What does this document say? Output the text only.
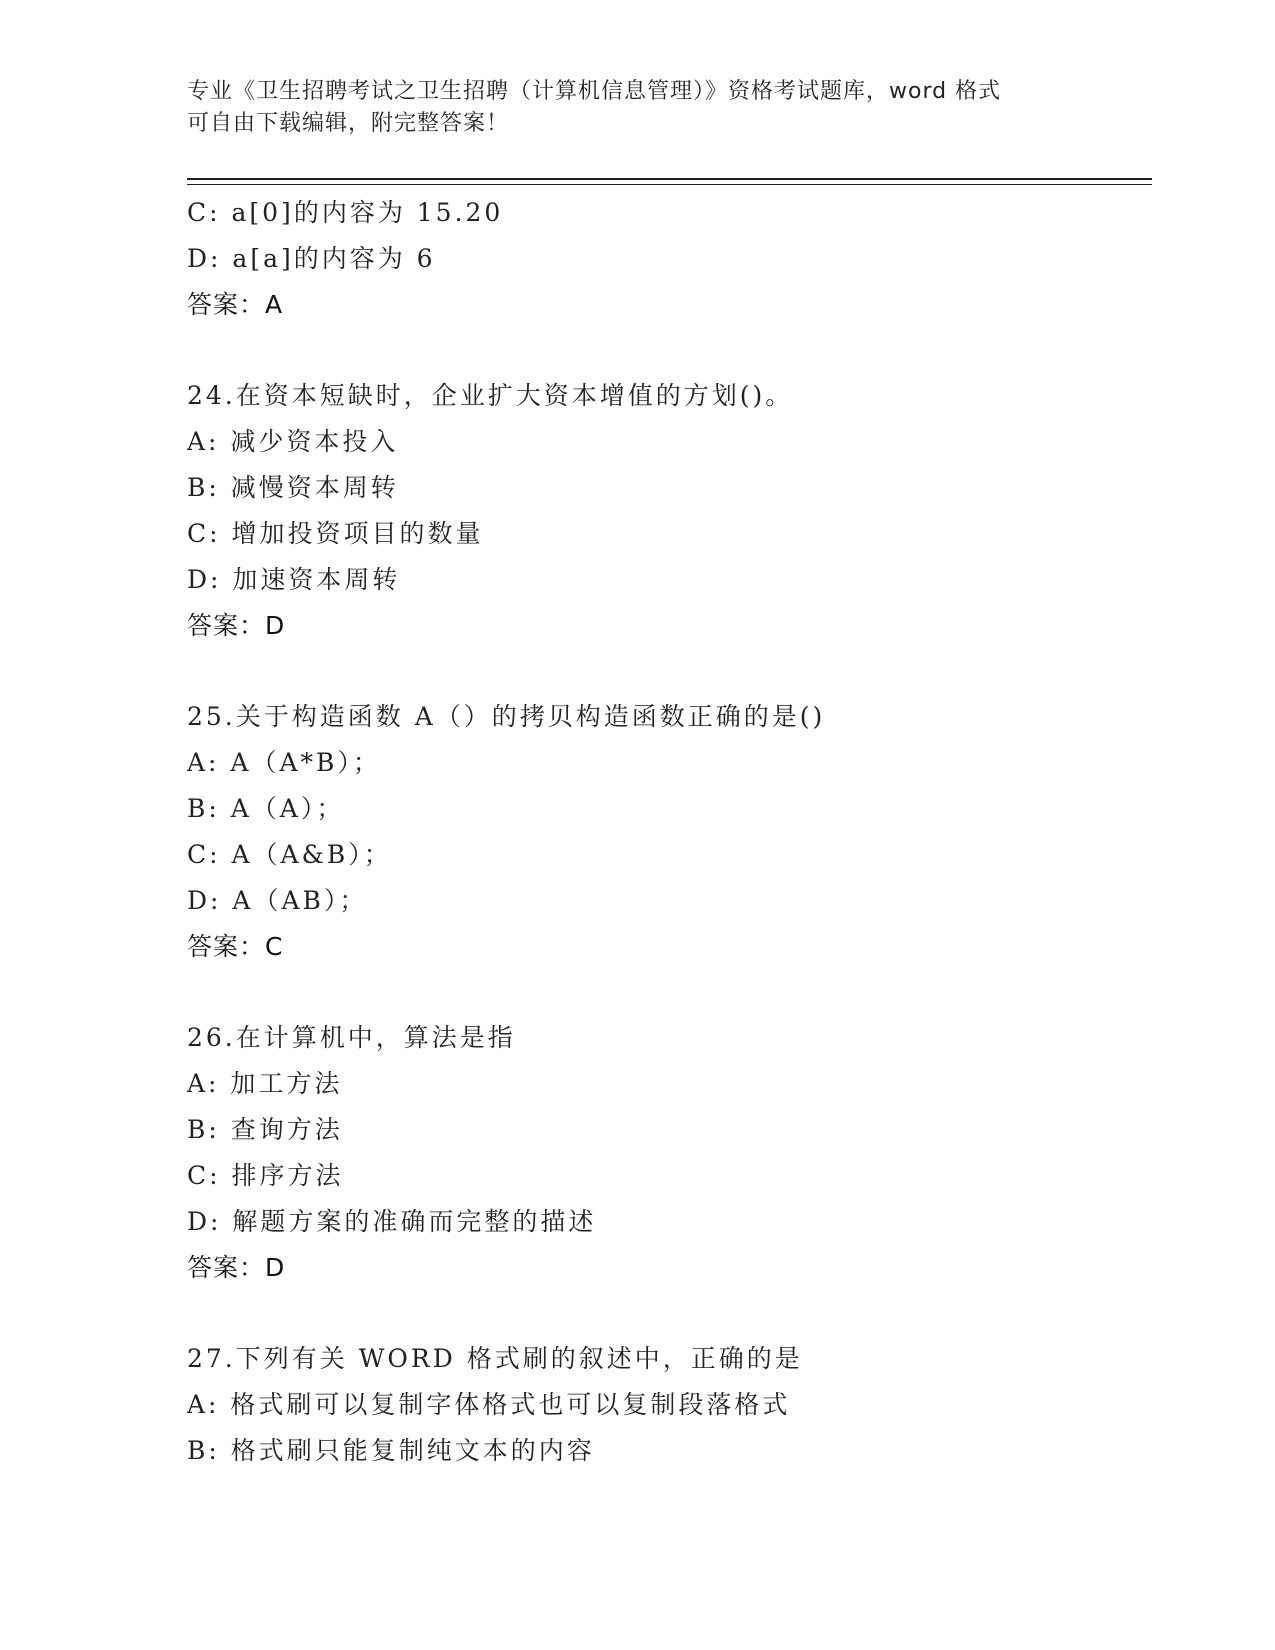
专业《卫生招聘考试之卫生招聘（计算机信息管理）》资格考试题库，word 格式
可自由下载编辑，附完整答案！
C: a[0]的内容为 15.20
D: a[a]的内容为 6
答案：A
24.在资本短缺时，企业扩大资本增值的方划()。
A: 减少资本投入
B: 减慢资本周转
C: 增加投资项目的数量
D: 加速资本周转
答案：D
25.关于构造函数 A（）的拷贝构造函数正确的是()
A: A（A*B）；
B: A（A）；
C: A（A&B）；
D: A（AB）；
答案：C
26.在计算机中，算法是指
A: 加工方法
B: 查询方法
C: 排序方法
D: 解题方案的准确而完整的描述
答案：D
27.下列有关 WORD 格式刷的叙述中，正确的是
A: 格式刷可以复制字体格式也可以复制段落格式
B: 格式刷只能复制纯文本的内容
